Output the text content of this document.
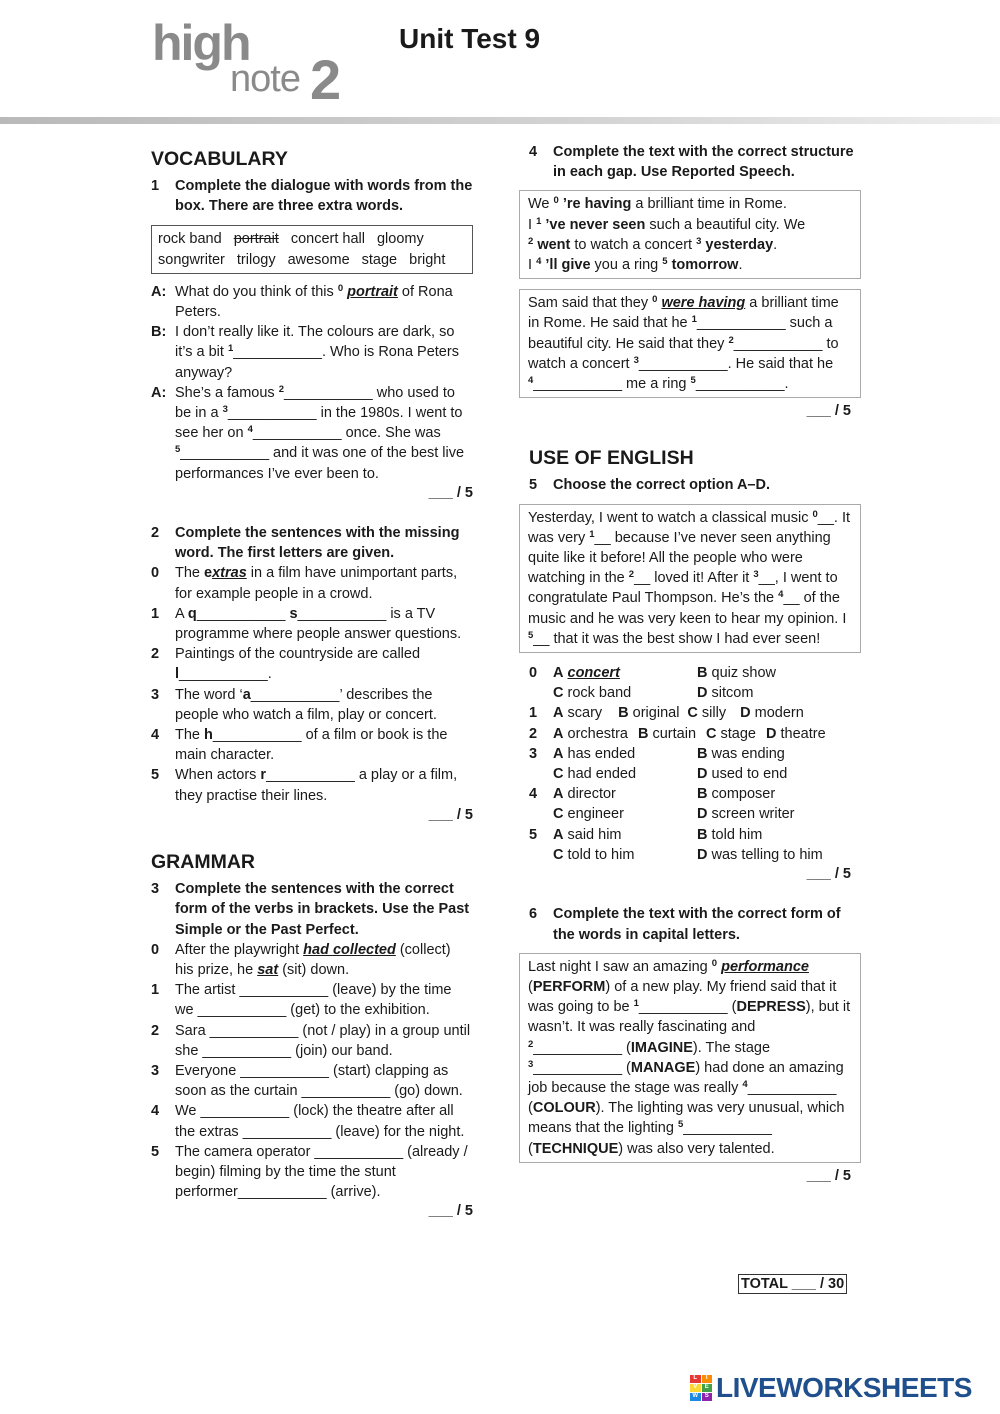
high
note 2
Unit Test 9
VOCABULARY
1	Complete the dialogue with words from the box. There are three extra words.
rock band portrait concert hall gloomy
songwriter trilogy awesome stage bright
A: What do you think of this $^0$ portrait of Rona Peters.
B: I don’t really like it. The colours are dark, so it’s a bit $^1$___________. Who is Rona Peters anyway?
A: She’s a famous $^2$___________ who used to be in a $^3$___________ in the 1980s. I went to see her on $^4$___________ once. She was $^5$___________ and it was one of the best live performances I’ve ever been to.
___ / 5
2	Complete the sentences with the missing word. The first letters are given.
0	The extras in a film have unimportant parts, for example people in a crowd.
1	A q___________ s___________ is a TV programme where people answer questions.
2	Paintings of the countryside are called l___________.
3	The word ‘a___________’ describes the people who watch a film, play or concert.
4	The h___________ of a film or book is the main character.
5	When actors r___________ a play or a film, they practise their lines.
___ / 5
GRAMMAR
3	Complete the sentences with the correct form of the verbs in brackets. Use the Past Simple or the Past Perfect.
0	After the playwright had collected (collect) his prize, he sat (sit) down.
1	The artist ___________ (leave) by the time we ___________ (get) to the exhibition.
2	Sara ___________ (not / play) in a group until she ___________ (join) our band.
3	Everyone ___________ (start) clapping as soon as the curtain ___________ (go) down.
4	We ___________ (lock) the theatre after all the extras ___________ (leave) for the night.
5	The camera operator ___________ (already / begin) filming by the time the stunt performer___________ (arrive).
___ / 5
4	Complete the text with the correct structure in each gap. Use Reported Speech.
We $^0$ ’re having a brilliant time in Rome.
I $^1$ ’ve never seen such a beautiful city. We
$^2$ went to watch a concert $^3$ yesterday.
I $^4$ ’ll give you a ring $^5$ tomorrow.
Sam said that they $^0$ were having a brilliant time in Rome. He said that he $^1$___________ such a beautiful city. He said that they $^2$___________ to watch a concert $^3$___________. He said that he $^4$___________ me a ring $^5$___________.
___ / 5
USE OF ENGLISH
5	Choose the correct option A–D.
Yesterday, I went to watch a classical music $^0$__. It was very $^1$__ because I’ve never seen anything quite like it before! All the people who were watching in the $^2$__ loved it! After it $^3$__, I went to congratulate Paul Thompson. He’s the $^4$__ of the music and he was very keen to hear my opinion. I $^5$__ that it was the best show I had ever seen!
0	A concert	B quiz show
C rock band	D sitcom
1	A scary B original C silly D modern
2	A orchestra B curtain C stage D theatre
3	A has ended	B was ending
C had ended	D used to end
4	A director	B composer
C engineer	D screen writer
5	A said him	B told him
C told to him	D was telling to him
___ / 5
6	Complete the text with the correct form of the words in capital letters.
Last night I saw an amazing $^0$ performance (PERFORM) of a new play. My friend said that it was going to be $^1$___________ (DEPRESS), but it wasn’t. It was really fascinating and $^2$___________ (IMAGINE). The stage $^3$___________ (MANAGE) had done an amazing job because the stage was really $^4$___________ (COLOUR). The lighting was very unusual, which means that the lighting $^5$___________ (TECHNIQUE) was also very talented.
___ / 5
TOTAL ___ / 30
L	I
V	E
W	S LIVEWORKSHEETS
